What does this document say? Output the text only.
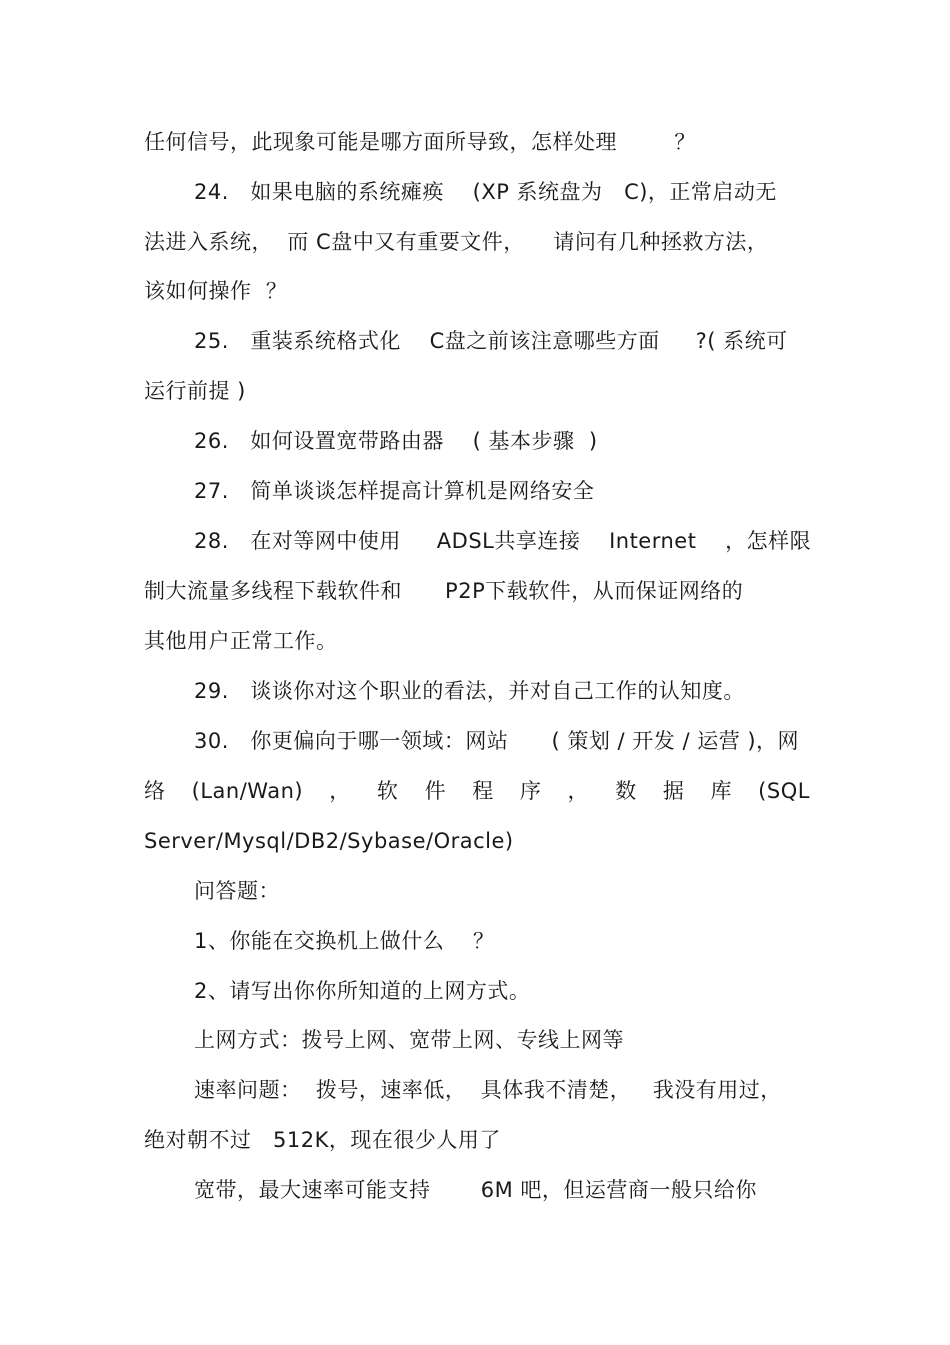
任何信号，此现象可能是哪方面所导致，怎样处理        ？
24.   如果电脑的系统瘫痪    (XP 系统盘为   C)，正常启动无
法进入系统，  而 C盘中又有重要文件，    请问有几种拯救方法，
该如何操作  ？
25.   重装系统格式化    C盘之前该注意哪些方面     ?( 系统可
运行前提 )
26.   如何设置宽带路由器    ( 基本步骤  )
27.   简单谈谈怎样提高计算机是网络安全
28.   在对等网中使用     ADSL共享连接    Internet    ，怎样限
制大流量多线程下载软件和      P2P下载软件，从而保证网络的
其他用户正常工作。
29.   谈谈你对这个职业的看法，并对自己工作的认知度。
30.   你更偏向于哪一领域：网站      ( 策划 / 开发 / 运营 )，网
络 (Lan/Wan) ， 软 件 程 序 ， 数 据 库 (SQL
Server/Mysql/DB2/Sybase/Oracle)
问答题：
1、你能在交换机上做什么    ？
2、请写出你你所知道的上网方式。
上网方式：拨号上网、宽带上网、专线上网等
速率问题：  拨号，速率低，  具体我不清楚，   我没有用过，
绝对朝不过   512K，现在很少人用了
宽带，最大速率可能支持       6M 吧，但运营商一般只给你
